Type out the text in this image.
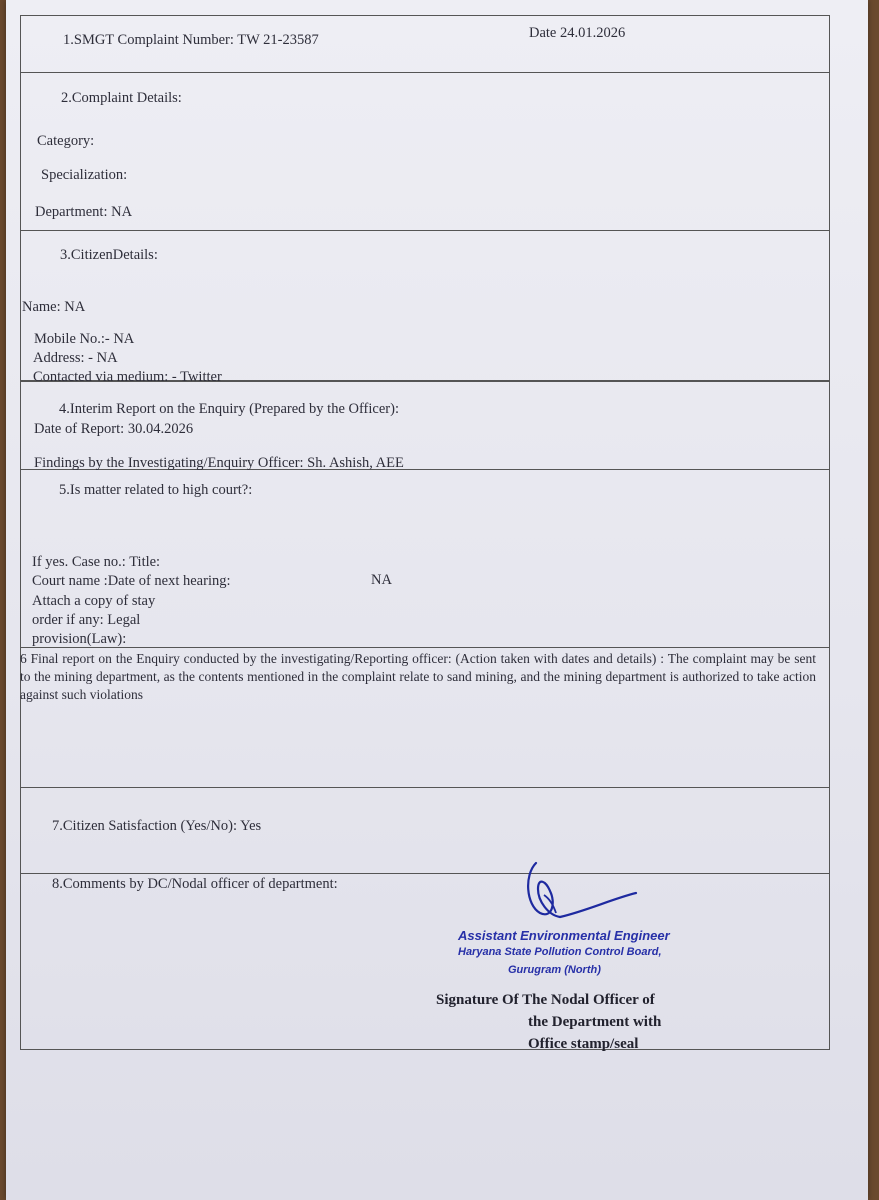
1.SMGT Complaint Number: TW 21-23587	Date 24.01.2026
2.Complaint Details:
Category:
Specialization:
Department: NA
3.CitizenDetails:
Name: NA
Mobile No.:- NA
Address: - NA
Contacted via medium: - Twitter
4.Interim Report on the Enquiry (Prepared by the Officer):
Date of Report: 30.04.2026
Findings by the Investigating/Enquiry Officer: Sh. Ashish, AEE
5.Is matter related to high court?:
If yes. Case no.: Title:
Court name :Date of next hearing:	NA
Attach a copy of stay
order if any: Legal
provision(Law):
6 Final report on the Enquiry conducted by the investigating/Reporting officer: (Action taken with dates and details) : The complaint may be sent to the mining department, as the contents mentioned in the complaint relate to sand mining, and the mining department is authorized to take action against such violations
7.Citizen Satisfaction (Yes/No): Yes
8.Comments by DC/Nodal officer of department:
Assistant Environmental Engineer
Haryana State Pollution Control Board,
Gurugram (North)
Signature Of The Nodal Officer of
the Department with
Office stamp/seal
